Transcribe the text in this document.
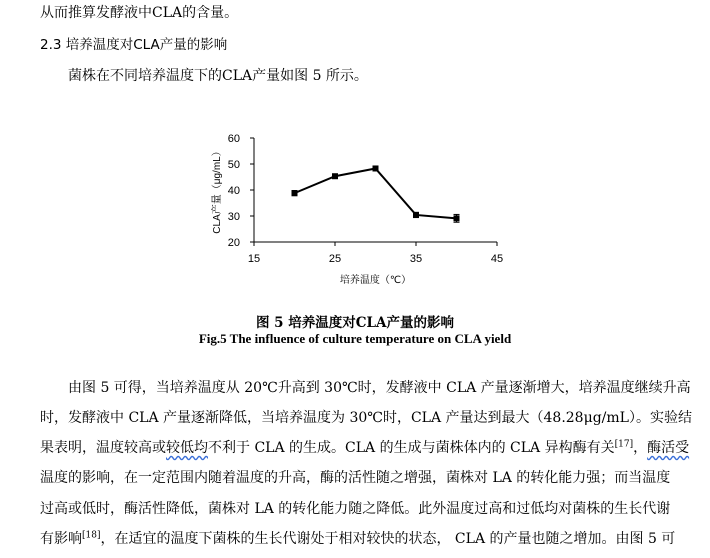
从而推算发酵液中CLA的含量。
2.3 培养温度对CLA产量的影响
菌株在不同培养温度下的CLA产量如图 5 所示。
20
30
40
50
60
15	25	35	45
培养温度（℃）
CLA产量（μg/mL）
图 5 培养温度对CLA产量的影响
Fig.5 The influence of culture temperature on CLA yield
由图 5 可得，当培养温度从 20℃升高到 30℃时，发酵液中 CLA 产量逐渐增大，培养温度继续升高
时，发酵液中 CLA 产量逐渐降低，当培养温度为 30℃时，CLA 产量达到最大（48.28μg/mL）。实验结
果表明，温度较高或较低均不利于 CLA 的生成。CLA 的生成与菌株体内的 CLA 异构酶有关[17]，酶活受
温度的影响，在一定范围内随着温度的升高，酶的活性随之增强，菌株对 LA 的转化能力强；而当温度
过高或低时，酶活性降低，菌株对 LA 的转化能力随之降低。此外温度过高和过低均对菌株的生长代谢
有影响[18]，在适宜的温度下菌株的生长代谢处于相对较快的状态， CLA 的产量也随之增加。由图 5 可
